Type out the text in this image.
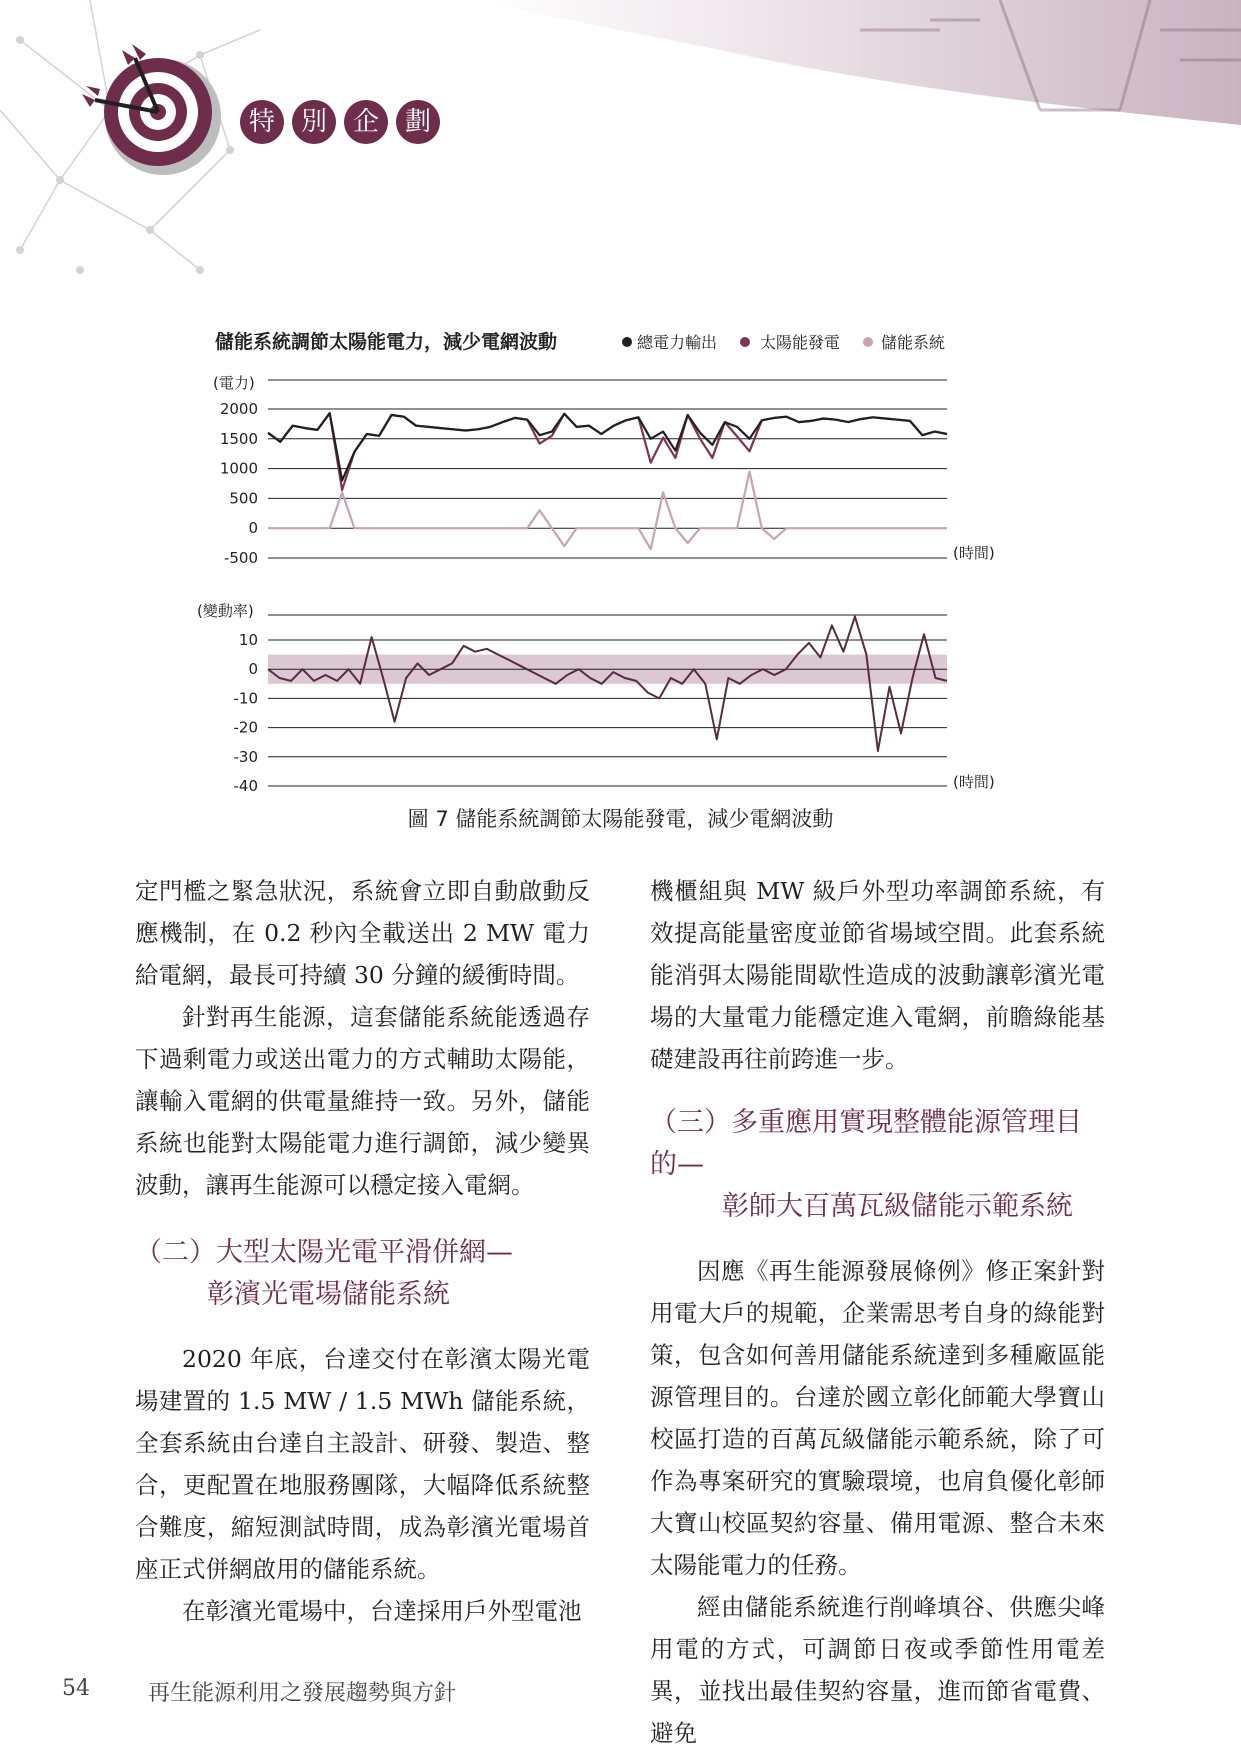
特 別 企 劃
儲能系統調節太陽能電力，減少電網波動	總電力輸出	太陽能發電	儲能系統
(電力)
(時間)
(變動率)
(時間)
2000
1500
1000
500
0
-500
10
0
-10
-20
-30
-40
圖 7 儲能系統調節太陽能發電，減少電網波動

定門檻之緊急狀況，系統會立即自動啟動反應機制，在 0.2 秒內全載送出 2 MW 電力給電網，最長可持續 30 分鐘的緩衝時間。

針對再生能源，這套儲能系統能透過存下過剩電力或送出電力的方式輔助太陽能，讓輸入電網的供電量維持一致。另外，儲能系統也能對太陽能電力進行調節，減少變異波動，讓再生能源可以穩定接入電網。

（二）大型太陽光電平滑併網—
彰濱光電場儲能系統

2020 年底，台達交付在彰濱太陽光電場建置的 1.5 MW / 1.5 MWh 儲能系統，全套系統由台達自主設計、研發、製造、整合，更配置在地服務團隊，大幅降低系統整合難度，縮短測試時間，成為彰濱光電場首座正式併網啟用的儲能系統。

在彰濱光電場中，台達採用戶外型電池

機櫃組與 MW 級戶外型功率調節系統，有效提高能量密度並節省場域空間。此套系統能消弭太陽能間歇性造成的波動讓彰濱光電場的大量電力能穩定進入電網，前瞻綠能基礎建設再往前跨進一步。

（三）多重應用實現整體能源管理目的—
彰師大百萬瓦級儲能示範系統

因應《再生能源發展條例》修正案針對用電大戶的規範，企業需思考自身的綠能對策，包含如何善用儲能系統達到多種廠區能源管理目的。台達於國立彰化師範大學寶山校區打造的百萬瓦級儲能示範系統，除了可作為專案研究的實驗環境，也肩負優化彰師大寶山校區契約容量、備用電源、整合未來太陽能電力的任務。

經由儲能系統進行削峰填谷、供應尖峰用電的方式，可調節日夜或季節性用電差異，並找出最佳契約容量，進而節省電費、避免

54	再生能源利用之發展趨勢與方針
